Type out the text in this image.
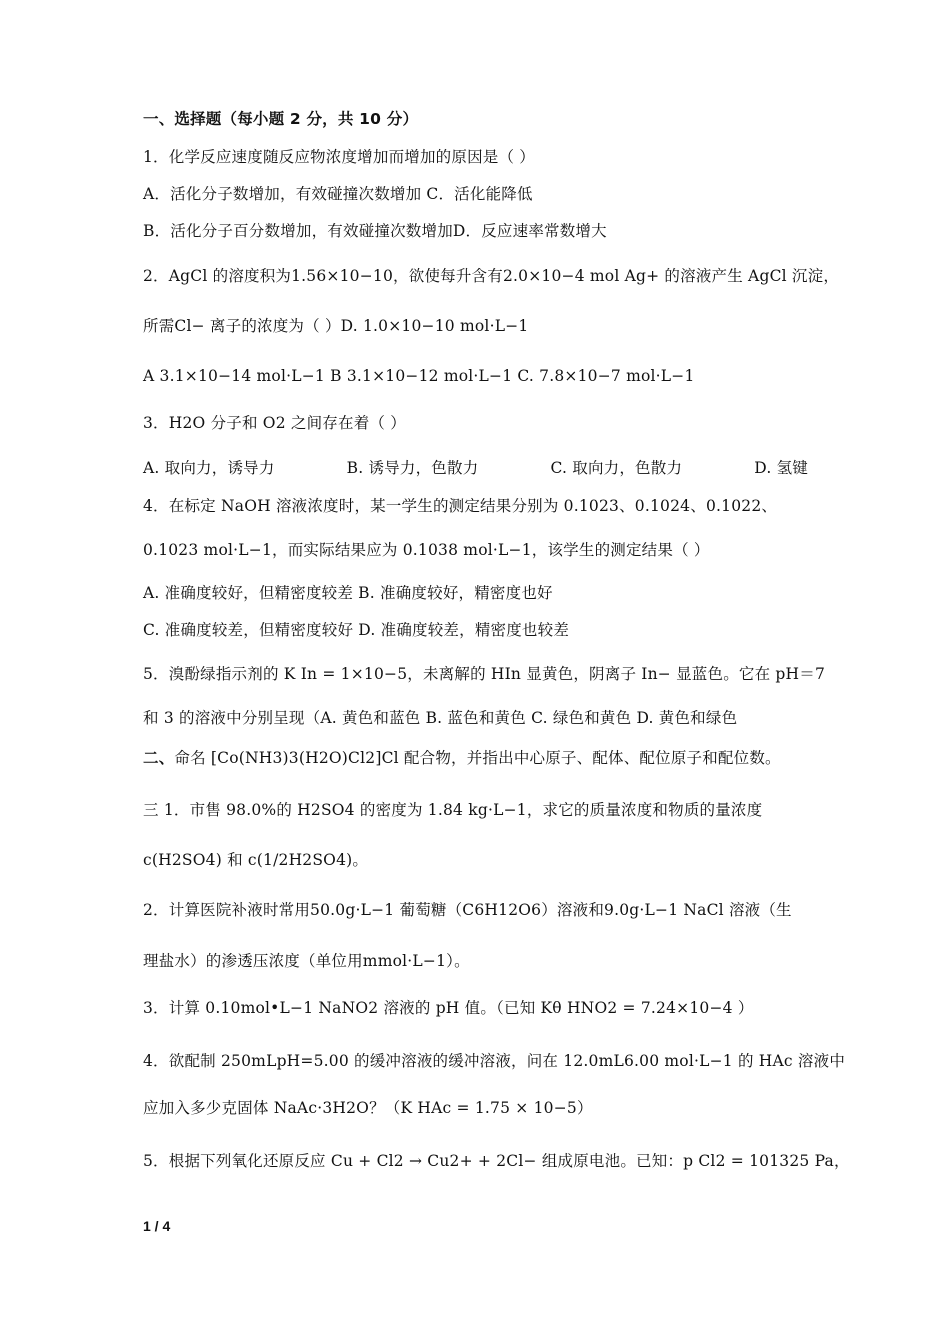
一、选择题（每小题 2 分，共 10 分）
1．化学反应速度随反应物浓度增加而增加的原因是（ ）
A．活化分子数增加，有效碰撞次数增加 C．活化能降低
B．活化分子百分数增加，有效碰撞次数增加D．反应速率常数增大
2．AgCl 的溶度积为1.56×10−10，欲使每升含有2.0×10−4 mol Ag+ 的溶液产生 AgCl 沉淀，
所需Cl− 离子的浓度为（ ）D. 1.0×10−10 mol·L−1
A 3.1×10−14 mol·L−1 B 3.1×10−12 mol·L−1 C. 7.8×10−7 mol·L−1
3．H2O 分子和 O2 之间存在着（ ）
A. 取向力，诱导力	B. 诱导力，色散力	C. 取向力，色散力	D. 氢键
4．在标定 NaOH 溶液浓度时，某一学生的测定结果分别为 0.1023、0.1024、0.1022、
0.1023 mol·L−1，而实际结果应为 0.1038 mol·L−1，该学生的测定结果（ ）
A. 准确度较好，但精密度较差 B. 准确度较好，精密度也好
C. 准确度较差，但精密度较好 D. 准确度较差，精密度也较差
5．溴酚绿指示剂的 K In = 1×10−5，未离解的 HIn 显黄色，阴离子 In− 显蓝色。它在 pH＝7
和 3 的溶液中分别呈现（A. 黄色和蓝色 B. 蓝色和黄色 C. 绿色和黄色 D. 黄色和绿色
二、命名 [Co(NH3)3(H2O)Cl2]Cl 配合物，并指出中心原子、配体、配位原子和配位数。
三 1．市售 98.0%的 H2SO4 的密度为 1.84 kg·L−1，求它的质量浓度和物质的量浓度
c(H2SO4) 和 c(1/2H2SO4)。
2．计算医院补液时常用50.0g·L−1 葡萄糖（C6H12O6）溶液和9.0g·L−1 NaCl 溶液（生
理盐水）的渗透压浓度（单位用mmol·L−1）。
3．计算 0.10mol•L−1 NaNO2 溶液的 pH 值。（已知 Kθ HNO2 = 7.24×10−4 ）
4．欲配制 250mLpH=5.00 的缓冲溶液的缓冲溶液，问在 12.0mL6.00 mol·L−1 的 HAc 溶液中
应加入多少克固体 NaAc·3H2O？（K HAc = 1.75 × 10−5）
5．根据下列氧化还原反应 Cu + Cl2 → Cu2+ + 2Cl− 组成原电池。已知：p Cl2 = 101325 Pa，
1 / 4
